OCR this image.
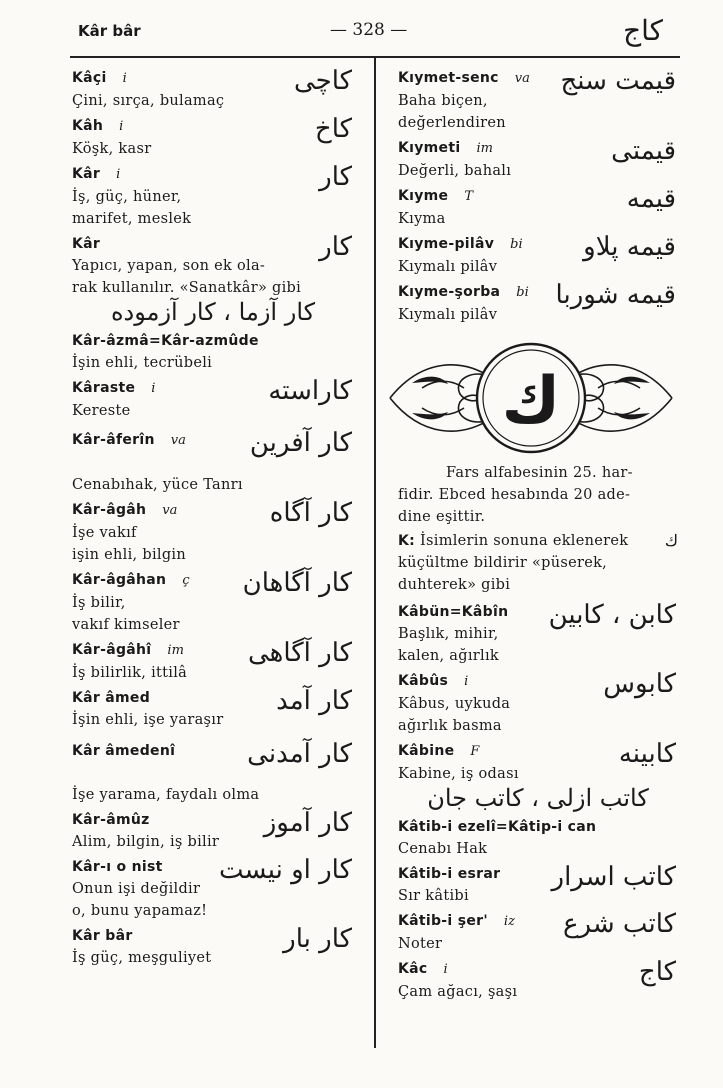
Kâr bâr	— 328 —	كاج
Kâçi i
Çini, sırça, bulamaç
كاچى
Kâh i
Köşk, kasr
كاخ
Kâr i
İş, güç, hüner,
marifet, meslek
كار
Kâr
Yapıcı, yapan, son ek ola-
rak kullanılır. «Sanatkâr» gibi
كار
كار آزما ، كار آزموده
Kâr-âzmâ=Kâr-azmûde
İşin ehli, tecrübeli
Kâraste i
Kereste
كاراسته
Kâr-âferîn va

Cenabıhak, yüce Tanrı
كار آفرين
Kâr-âgâh va
İşe vakıf
işin ehli, bilgin
كار آگاه
Kâr-âgâhan ç
İş bilir,
vakıf kimseler
كار آگاهان
Kâr-âgâhî im
İş bilirlik, ittilâ
كار آگاهى
Kâr âmed
İşin ehli, işe yaraşır
كار آمد
Kâr âmedenî

İşe yarama, faydalı olma
كار آمدنى
Kâr-âmûz
Alim, bilgin, iş bilir
كار آموز
Kâr-ı o nist
Onun işi değildir
o, bunu yapamaz!
كار او نيست
Kâr bâr
İş güç, meşguliyet
كار بار
Kıymet-senc va
Baha biçen,
değerlendiren
قيمت سنج
Kıymeti im
Değerli, bahalı
قيمتى
Kıyme T
Kıyma
قيمه
Kıyme-pilâv bi
Kıymalı pilâv
قيمه پلاو
Kıyme-şorba bi
Kıymalı pilâv
قيمه شوربا
ك
Fars alfabesinin 25. har-
fidir. Ebced hesabında 20 ade-
dine eşittir.
K: İsimlerin sonuna eklenerek ك
küçültme bildirir «püserek,
duhterek» gibi
Kâbün=Kâbîn
Başlık, mihir,
kalen, ağırlık
كابن ، كابين
Kâbûs i
Kâbus, uykuda
ağırlık basma
كابوس
Kâbine F
Kabine, iş odası
كابينه
كاتب ازلى ، كاتب جان
Kâtib-i ezelî=Kâtip-i can
Cenabı Hak
Kâtib-i esrar
Sır kâtibi
كاتب اسرار
Kâtib-i şer' iz
Noter
كاتب شرع
Kâc i
Çam ağacı, şaşı
كاج
